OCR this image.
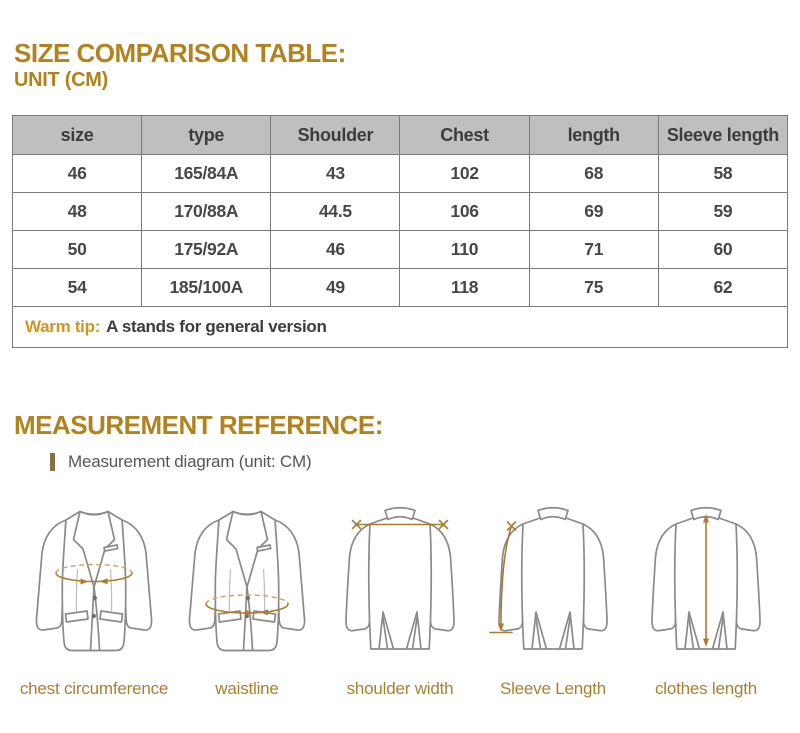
SIZE COMPARISON TABLE:
UNIT (CM)
size	type	Shoulder	Chest	length	Sleeve length
46	165/84A	43	102	68	58
48	170/88A	44.5	106	69	59
50	175/92A	46	110	71	60
54	185/100A	49	118	75	62
Warm tip: A stands for general version					
MEASUREMENT REFERENCE:
Measurement diagram (unit: CM)
chest circumference	waistline	shoulder width	Sleeve Length	clothes length
